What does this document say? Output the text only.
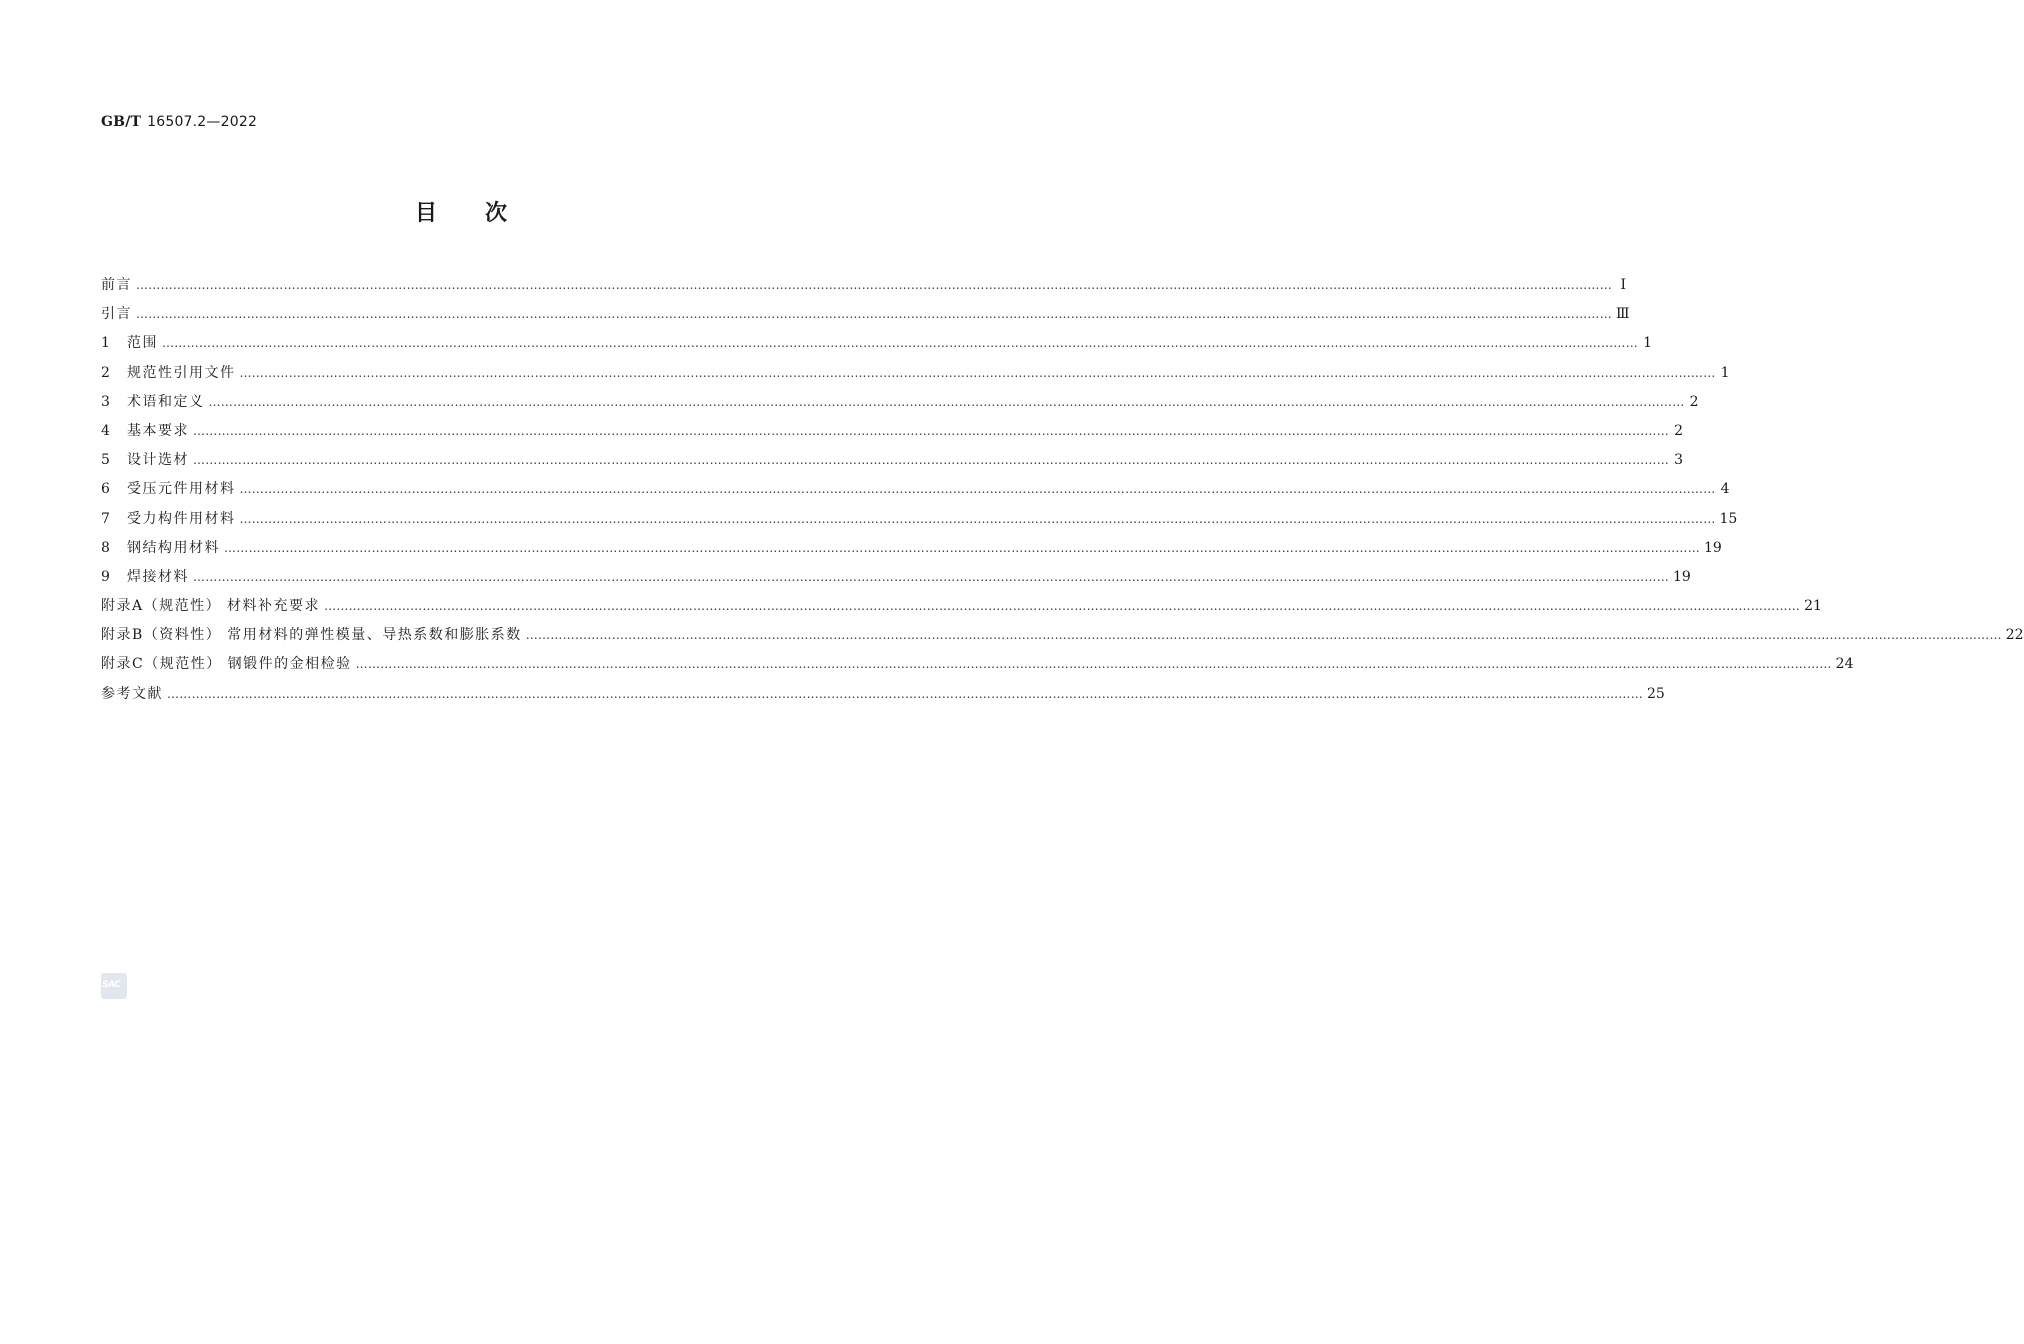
GB/T 16507.2—2022
目次
前言 ……………………………………………………………………………………………………………………………………………………………………………………………………………………………………………………………………………………………………………………………… Ⅰ
引言 ……………………………………………………………………………………………………………………………………………………………………………………………………………………………………………………………………………………………………………………………… Ⅲ
1	范围 ……………………………………………………………………………………………………………………………………………………………………………………………………………………………………………………………………………………………………………………………… 1
2	规范性引用文件 ……………………………………………………………………………………………………………………………………………………………………………………………………………………………………………………………………………………………………………………………… 1
3	术语和定义 ……………………………………………………………………………………………………………………………………………………………………………………………………………………………………………………………………………………………………………………………… 2
4	基本要求 ……………………………………………………………………………………………………………………………………………………………………………………………………………………………………………………………………………………………………………………………… 2
5	设计选材 ……………………………………………………………………………………………………………………………………………………………………………………………………………………………………………………………………………………………………………………………… 3
6	受压元件用材料 ……………………………………………………………………………………………………………………………………………………………………………………………………………………………………………………………………………………………………………………………… 4
7	受力构件用材料 ……………………………………………………………………………………………………………………………………………………………………………………………………………………………………………………………………………………………………………………………… 15
8	钢结构用材料 ……………………………………………………………………………………………………………………………………………………………………………………………………………………………………………………………………………………………………………………………… 19
9	焊接材料 ……………………………………………………………………………………………………………………………………………………………………………………………………………………………………………………………………………………………………………………………… 19
附录A（规范性） 材料补充要求 ……………………………………………………………………………………………………………………………………………………………………………………………………………………………………………………………………………………………………………………………… 21
附录B（资料性） 常用材料的弹性模量、导热系数和膨胀系数 ……………………………………………………………………………………………………………………………………………………………………………………………………………………………………………………………………………………………………………………………… 22
附录C（规范性） 钢锻件的金相检验 ……………………………………………………………………………………………………………………………………………………………………………………………………………………………………………………………………………………………………………………………… 24
参考文献 ……………………………………………………………………………………………………………………………………………………………………………………………………………………………………………………………………………………………………………………………… 25
SAC
